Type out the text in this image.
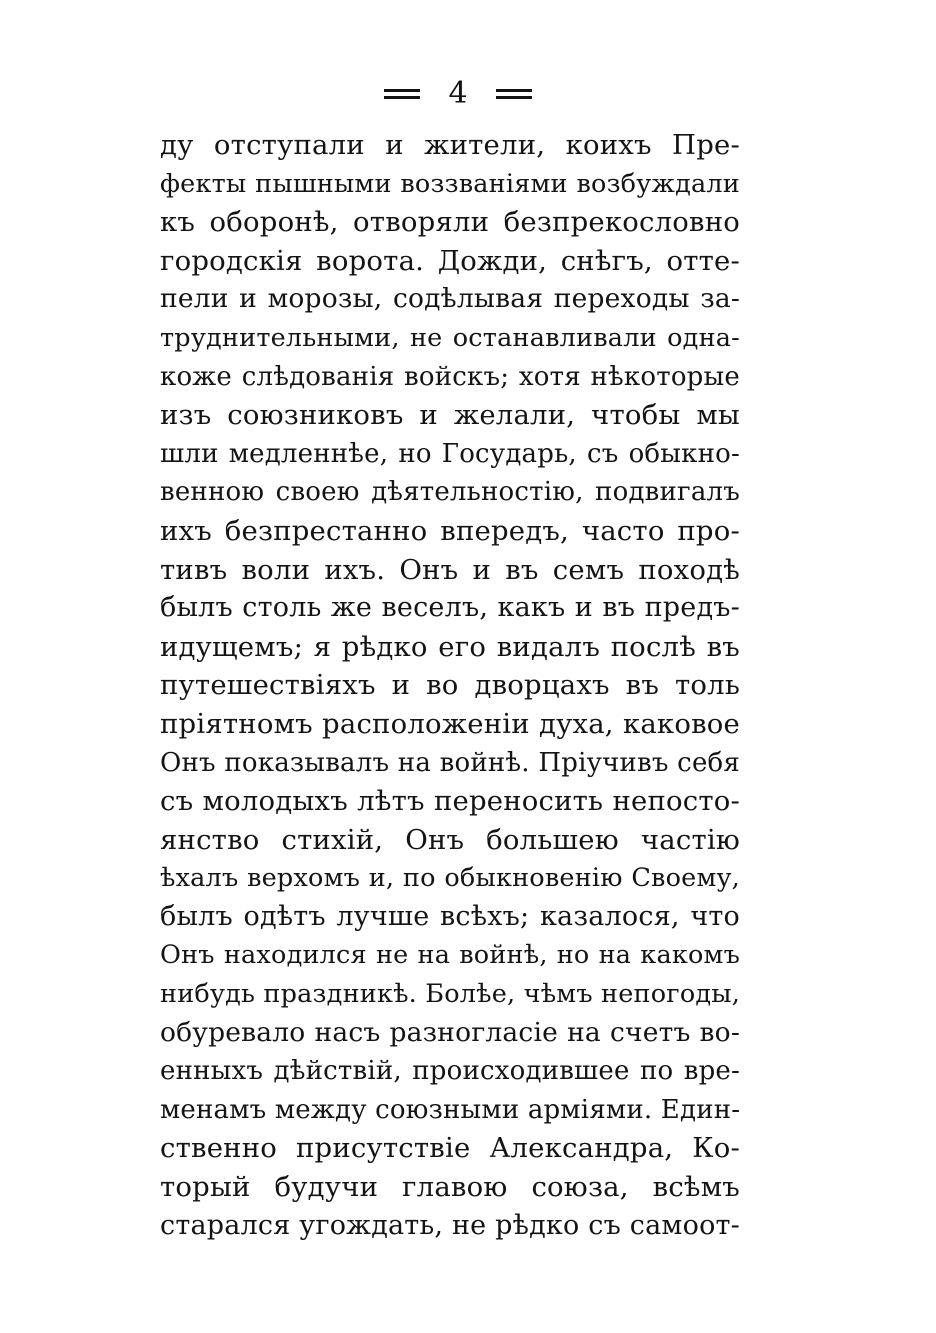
4
ду отступали и жители, коихъ Пре-
фекты пышными воззваніями возбуждали
къ оборонѣ, отворяли безпрекословно
городскія ворота. Дожди, снѣгъ, отте-
пели и морозы, содѣлывая переходы за-
труднительными, не останавливали одна-
коже слѣдованія войскъ; хотя нѣкоторые
изъ союзниковъ и желали, чтобы мы
шли медленнѣе, но Государь, съ обыкно-
венною своею дѣятельностію, подвигалъ
ихъ безпрестанно впередъ, часто про-
тивъ воли ихъ. Онъ и въ семъ походѣ
былъ столь же веселъ, какъ и въ предъ-
идущемъ; я рѣдко его видалъ послѣ въ
путешествіяхъ и во дворцахъ въ толь
пріятномъ расположеніи духа, каковое
Онъ показывалъ на войнѣ. Пріучивъ себя
съ молодыхъ лѣтъ переносить непосто-
янство стихій, Онъ большею частію
ѣхалъ верхомъ и, по обыкновенію Своему,
былъ одѣтъ лучше всѣхъ; казалося, что
Онъ находился не на войнѣ, но на какомъ
нибудь праздникѣ. Болѣе, чѣмъ непогоды,
обуревало насъ разногласіе на счетъ во-
енныхъ дѣйствій, происходившее по вре-
менамъ между союзными арміями. Един-
ственно присутствіе Александра, Ко-
торый будучи главою союза, всѣмъ
старался угождать, не рѣдко съ самоот-
